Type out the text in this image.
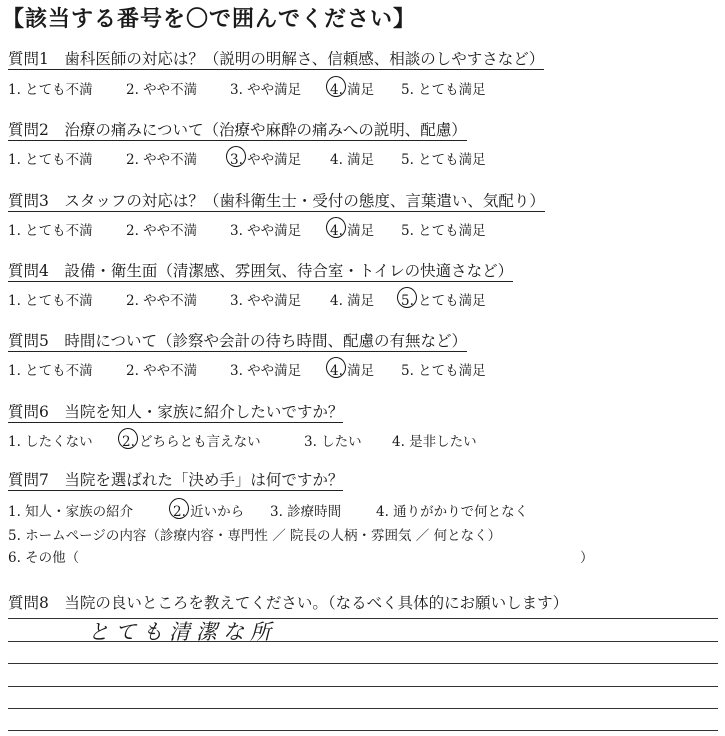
【該当する番号を〇で囲んでください】
質問1　歯科医師の対応は？（説明の明解さ、信頼感、相談のしやすさなど）
1. とても不満 2. やや不満 3. やや満足 4. 満足 5. とても満足
質問2　治療の痛みについて（治療や麻酔の痛みへの説明、配慮）
1. とても不満 2. やや不満 3. やや満足 4. 満足 5. とても満足
質問3　スタッフの対応は？（歯科衛生士・受付の態度、言葉遣い、気配り）
1. とても不満 2. やや不満 3. やや満足 4. 満足 5. とても満足
質問4　設備・衛生面（清潔感、雰囲気、待合室・トイレの快適さなど）
1. とても不満 2. やや不満 3. やや満足 4. 満足 5. とても満足
質問5　時間について（診察や会計の待ち時間、配慮の有無など）
1. とても不満 2. やや不満 3. やや満足 4. 満足 5. とても満足
質問6　当院を知人・家族に紹介したいですか？
1. したくない 2. どちらとも言えない	3. したい 4. 是非したい
質問7　当院を選ばれた「決め手」は何ですか？
1. 知人・家族の紹介	2. 近いから 3. 診療時間	4. 通りがかりで何となく
5. ホームページの内容（診療内容・専門性 ／ 院長の人柄・雰囲気 ／ 何となく）
6. その他（	）
質問8　当院の良いところを教えてください。（なるべく具体的にお願いします）
とても清潔な所
